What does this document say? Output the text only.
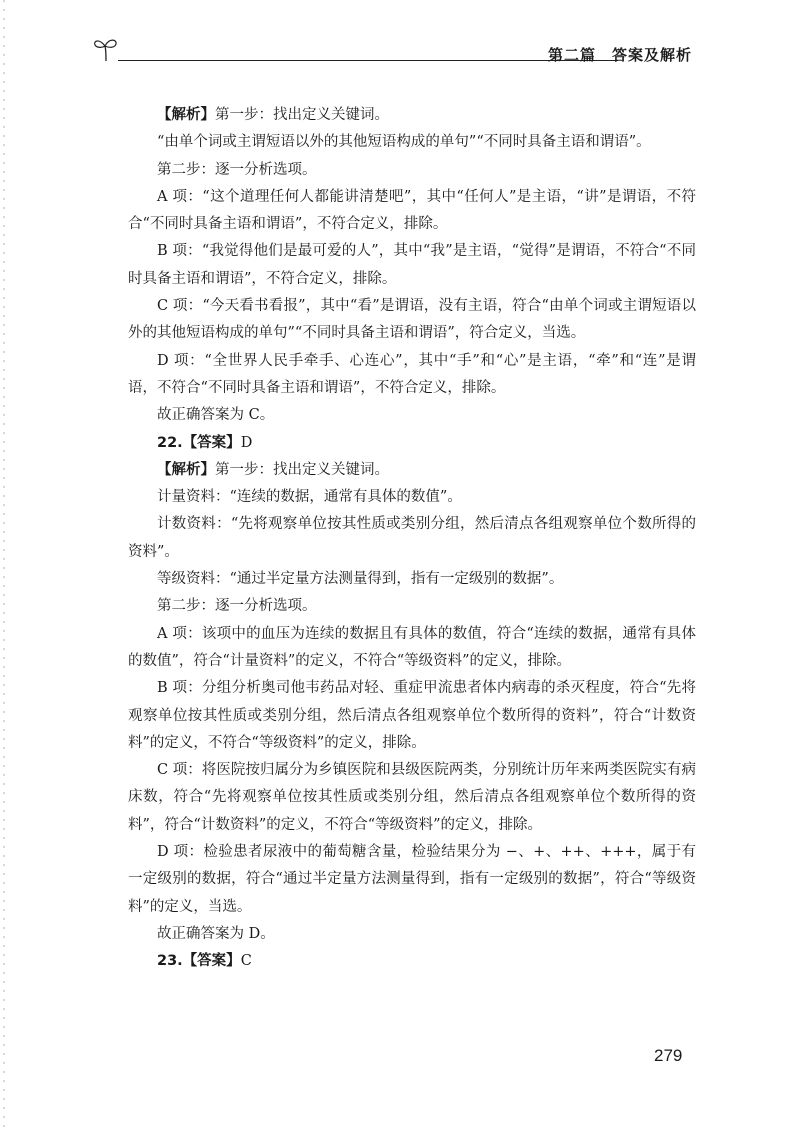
第二篇　答案及解析

【解析】第一步：找出定义关键词。

“由单个词或主谓短语以外的其他短语构成的单句”“不同时具备主语和谓语”。

第二步：逐一分析选项。

A 项：“这个道理任何人都能讲清楚吧”，其中“任何人”是主语，“讲”是谓语，不符合“不同时具备主语和谓语”，不符合定义，排除。

B 项：“我觉得他们是最可爱的人”，其中“我”是主语，“觉得”是谓语，不符合“不同时具备主语和谓语”，不符合定义，排除。

C 项：“今天看书看报”，其中“看”是谓语，没有主语，符合“由单个词或主谓短语以外的其他短语构成的单句”“不同时具备主语和谓语”，符合定义，当选。

D 项：“全世界人民手牵手、心连心”，其中“手”和“心”是主语，“牵”和“连”是谓语，不符合“不同时具备主语和谓语”，不符合定义，排除。

故正确答案为 C。

22.【答案】D

【解析】第一步：找出定义关键词。

计量资料：“连续的数据，通常有具体的数值”。

计数资料：“先将观察单位按其性质或类别分组，然后清点各组观察单位个数所得的资料”。

等级资料：“通过半定量方法测量得到，指有一定级别的数据”。

第二步：逐一分析选项。

A 项：该项中的血压为连续的数据且有具体的数值，符合“连续的数据，通常有具体的数值”，符合“计量资料”的定义，不符合“等级资料”的定义，排除。

B 项：分组分析奥司他韦药品对轻、重症甲流患者体内病毒的杀灭程度，符合“先将观察单位按其性质或类别分组，然后清点各组观察单位个数所得的资料”，符合“计数资料”的定义，不符合“等级资料”的定义，排除。

C 项：将医院按归属分为乡镇医院和县级医院两类，分别统计历年来两类医院实有病床数，符合“先将观察单位按其性质或类别分组，然后清点各组观察单位个数所得的资料”，符合“计数资料”的定义，不符合“等级资料”的定义，排除。

D 项：检验患者尿液中的葡萄糖含量，检验结果分为 −、+、++、+++，属于有一定级别的数据，符合“通过半定量方法测量得到，指有一定级别的数据”，符合“等级资料”的定义，当选。

故正确答案为 D。

23.【答案】C

279
